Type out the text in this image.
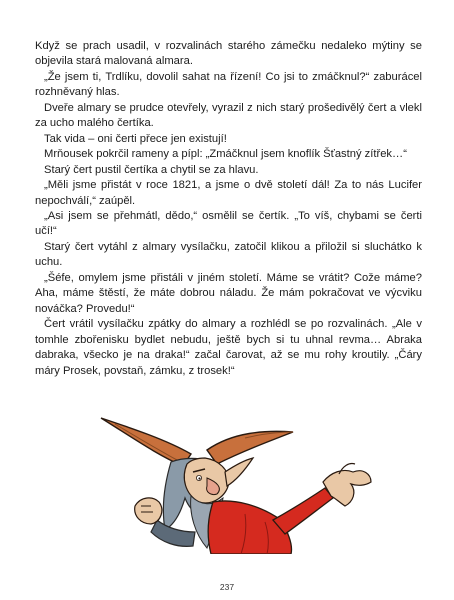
Když se prach usadil, v rozvalinách starého zámečku nedaleko mýtiny se objevila stará malovaná almara.

„Že jsem ti, Trdlíku, dovolil sahat na řízení! Co jsi to zmáčknul?“ zaburácel rozhněvaný hlas.

Dveře almary se prudce otevřely, vyrazil z nich starý prošedivělý čert a vlekl za ucho malého čertíka.

Tak vida – oni čerti přece jen existují!

Mrňousek pokrčil rameny a pípl: „Zmáčknul jsem knoflík Šťastný zítřek…“

Starý čert pustil čertíka a chytil se za hlavu.

„Měli jsme přistát v roce 1821, a jsme o dvě století dál! Za to nás Lucifer nepochválí,“ zaúpěl.

„Asi jsem se přehmátl, dědo,“ osmělil se čertík. „To víš, chybami se čerti učí!“

Starý čert vytáhl z almary vysílačku, zatočil klikou a přiložil si sluchátko k uchu.

„Šéfe, omylem jsme přistáli v jiném století. Máme se vrátit? Cože máme? Aha, máme štěstí, že máte dobrou náladu. Že mám pokračovat ve výcviku nováčka? Provedu!“

Čert vrátil vysílačku zpátky do almary a rozhlédl se po rozvalinách. „Ale v tomhle zbořenisku bydlet nebudu, ještě bych si tu uhnal revma… Abraka dabraka, všecko je na draka!“ začal čarovat, až se mu rohy kroutily. „Čáry máry Prosek, povstaň, zámku, z trosek!“

237
